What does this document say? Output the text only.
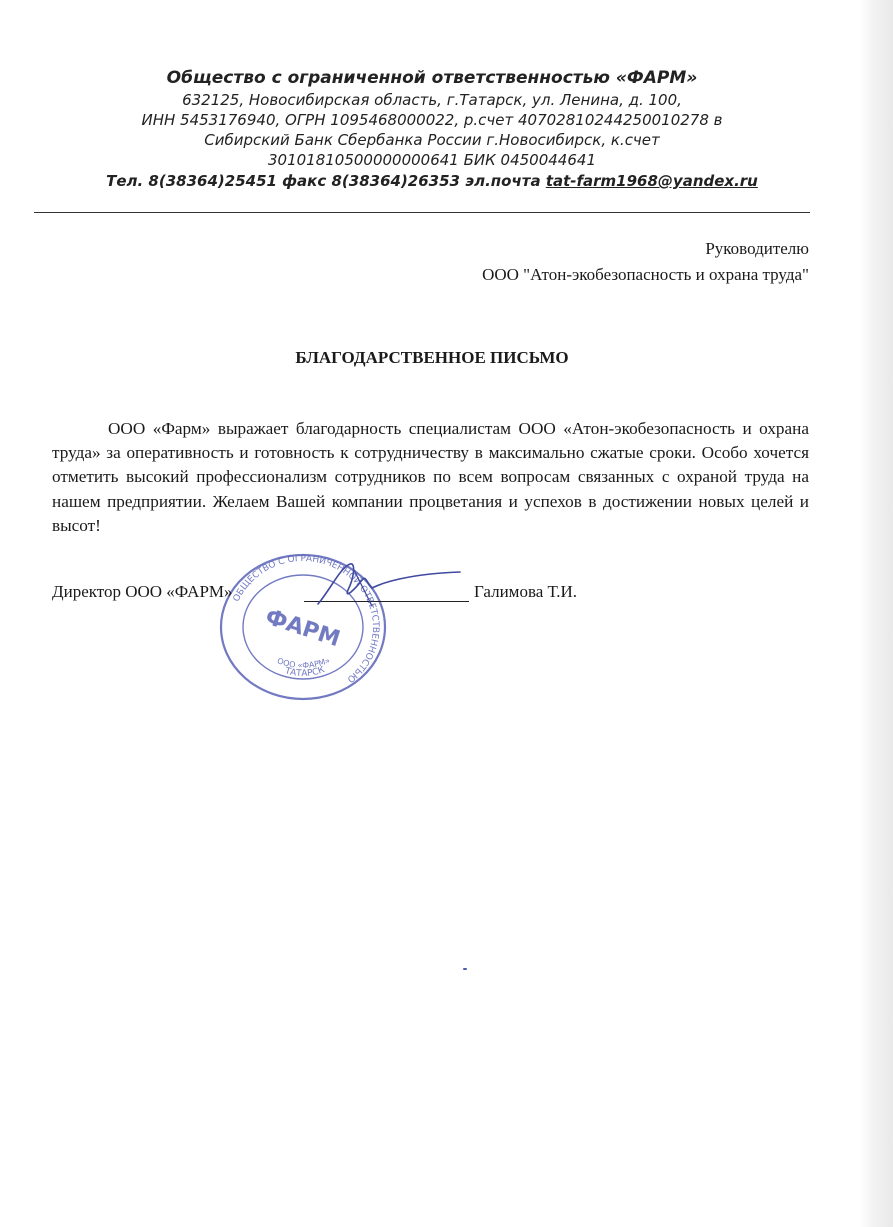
Общество с ограниченной ответственностью «ФАРМ»
632125, Новосибирская область, г.Татарск, ул. Ленина, д. 100,
ИНН 5453176940, ОГРН 1095468000022, р.счет 40702810244250010278 в
Сибирский Банк Сбербанка России г.Новосибирск, к.счет
30101810500000000641 БИК 0450044641
Тел. 8(38364)25451 факс 8(38364)26353 эл.почта tat-farm1968@yandex.ru
Руководителю
ООО "Атон-экобезопасность и охрана труда"
БЛАГОДАРСТВЕННОЕ ПИСЬМО
ООО «Фарм» выражает благодарность специалистам ООО «Атон-экобезопасность и охрана труда» за оперативность и готовность к сотрудничеству в максимально сжатые сроки. Особо хочется отметить высокий профессионализм сотрудников по всем вопросам связанных с охраной труда на нашем предприятии. Желаем Вашей компании процветания и успехов в достижении новых целей и высот!
ОБЩЕСТВО С ОГРАНИЧЕННОЙ ОТВЕТСТВЕННОСТЬЮ
ТАТАРСК
ООО «ФАРМ»
ФАРМ
Директор ООО «ФАРМ»	Галимова Т.И.
